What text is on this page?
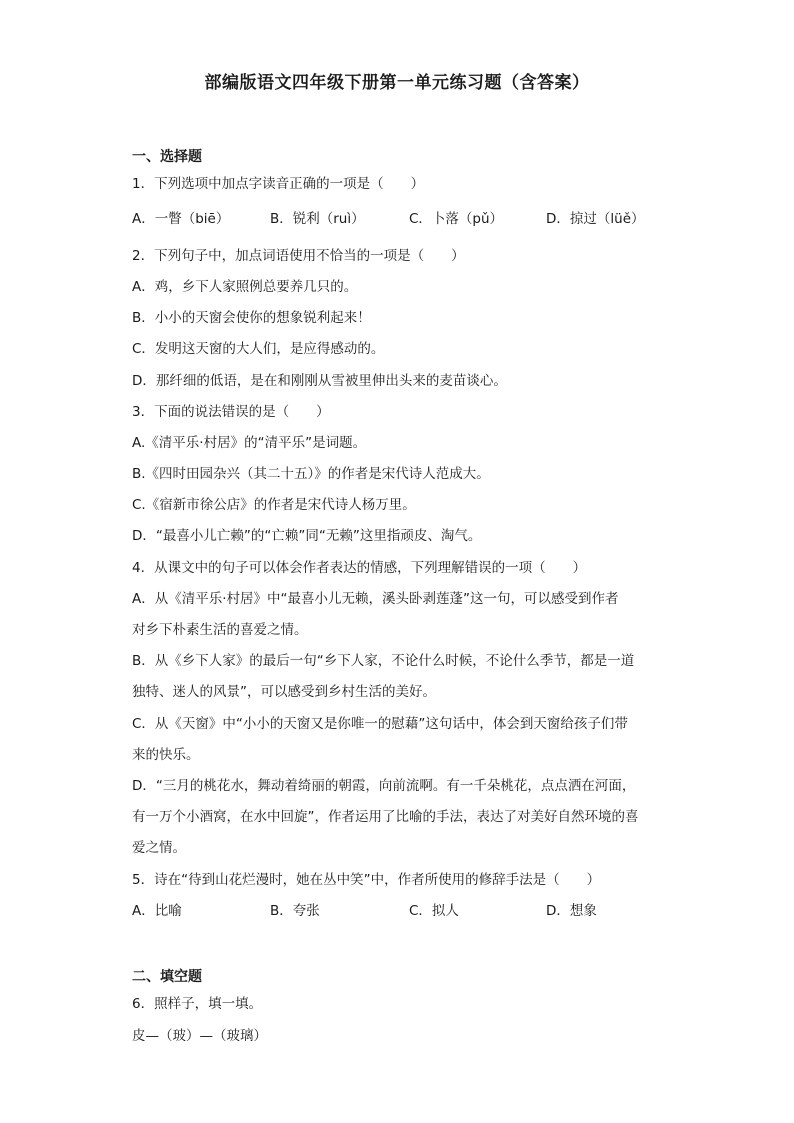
部编版语文四年级下册第一单元练习题（含答案）
一、选择题
1．下列选项中加点字读音正确的一项是（　　）
A．一瞥（biē）	B．锐利（ruì）	C．卜落（pǔ）	D．掠过（lüě）
2．下列句子中，加点词语使用不恰当的一项是（　　）
A．鸡，乡下人家照例总要养几只的。
B．小小的天窗会使你的想象锐利起来！
C．发明这天窗的大人们，是应得感动的。
D．那纤细的低语，是在和刚刚从雪被里伸出头来的麦苗谈心。
3．下面的说法错误的是（　　）
A.《清平乐·村居》的“清平乐”是词题。
B.《四时田园杂兴（其二十五）》的作者是宋代诗人范成大。
C.《宿新市徐公店》的作者是宋代诗人杨万里。
D．“最喜小儿亡赖”的“亡赖”同“无赖”这里指顽皮、淘气。
4．从课文中的句子可以体会作者表达的情感，下列理解错误的一项（　　）
A．从《清平乐·村居》中“最喜小儿无赖，溪头卧剥莲蓬”这一句，可以感受到作者
对乡下朴素生活的喜爱之情。
B．从《乡下人家》的最后一句“乡下人家，不论什么时候，不论什么季节，都是一道
独特、迷人的风景”，可以感受到乡村生活的美好。
C．从《天窗》中“小小的天窗又是你唯一的慰藉”这句话中，体会到天窗给孩子们带
来的快乐。
D．“三月的桃花水，舞动着绮丽的朝霞，向前流啊。有一千朵桃花，点点洒在河面，
有一万个小酒窝，在水中回旋”，作者运用了比喻的手法，表达了对美好自然环境的喜
爱之情。
5．诗在“待到山花烂漫时，她在丛中笑”中，作者所使用的修辞手法是（　　）
A．比喻	B．夸张	C．拟人	D．想象
二、填空题
6．照样子，填一填。
皮—（玻）—（玻璃）
